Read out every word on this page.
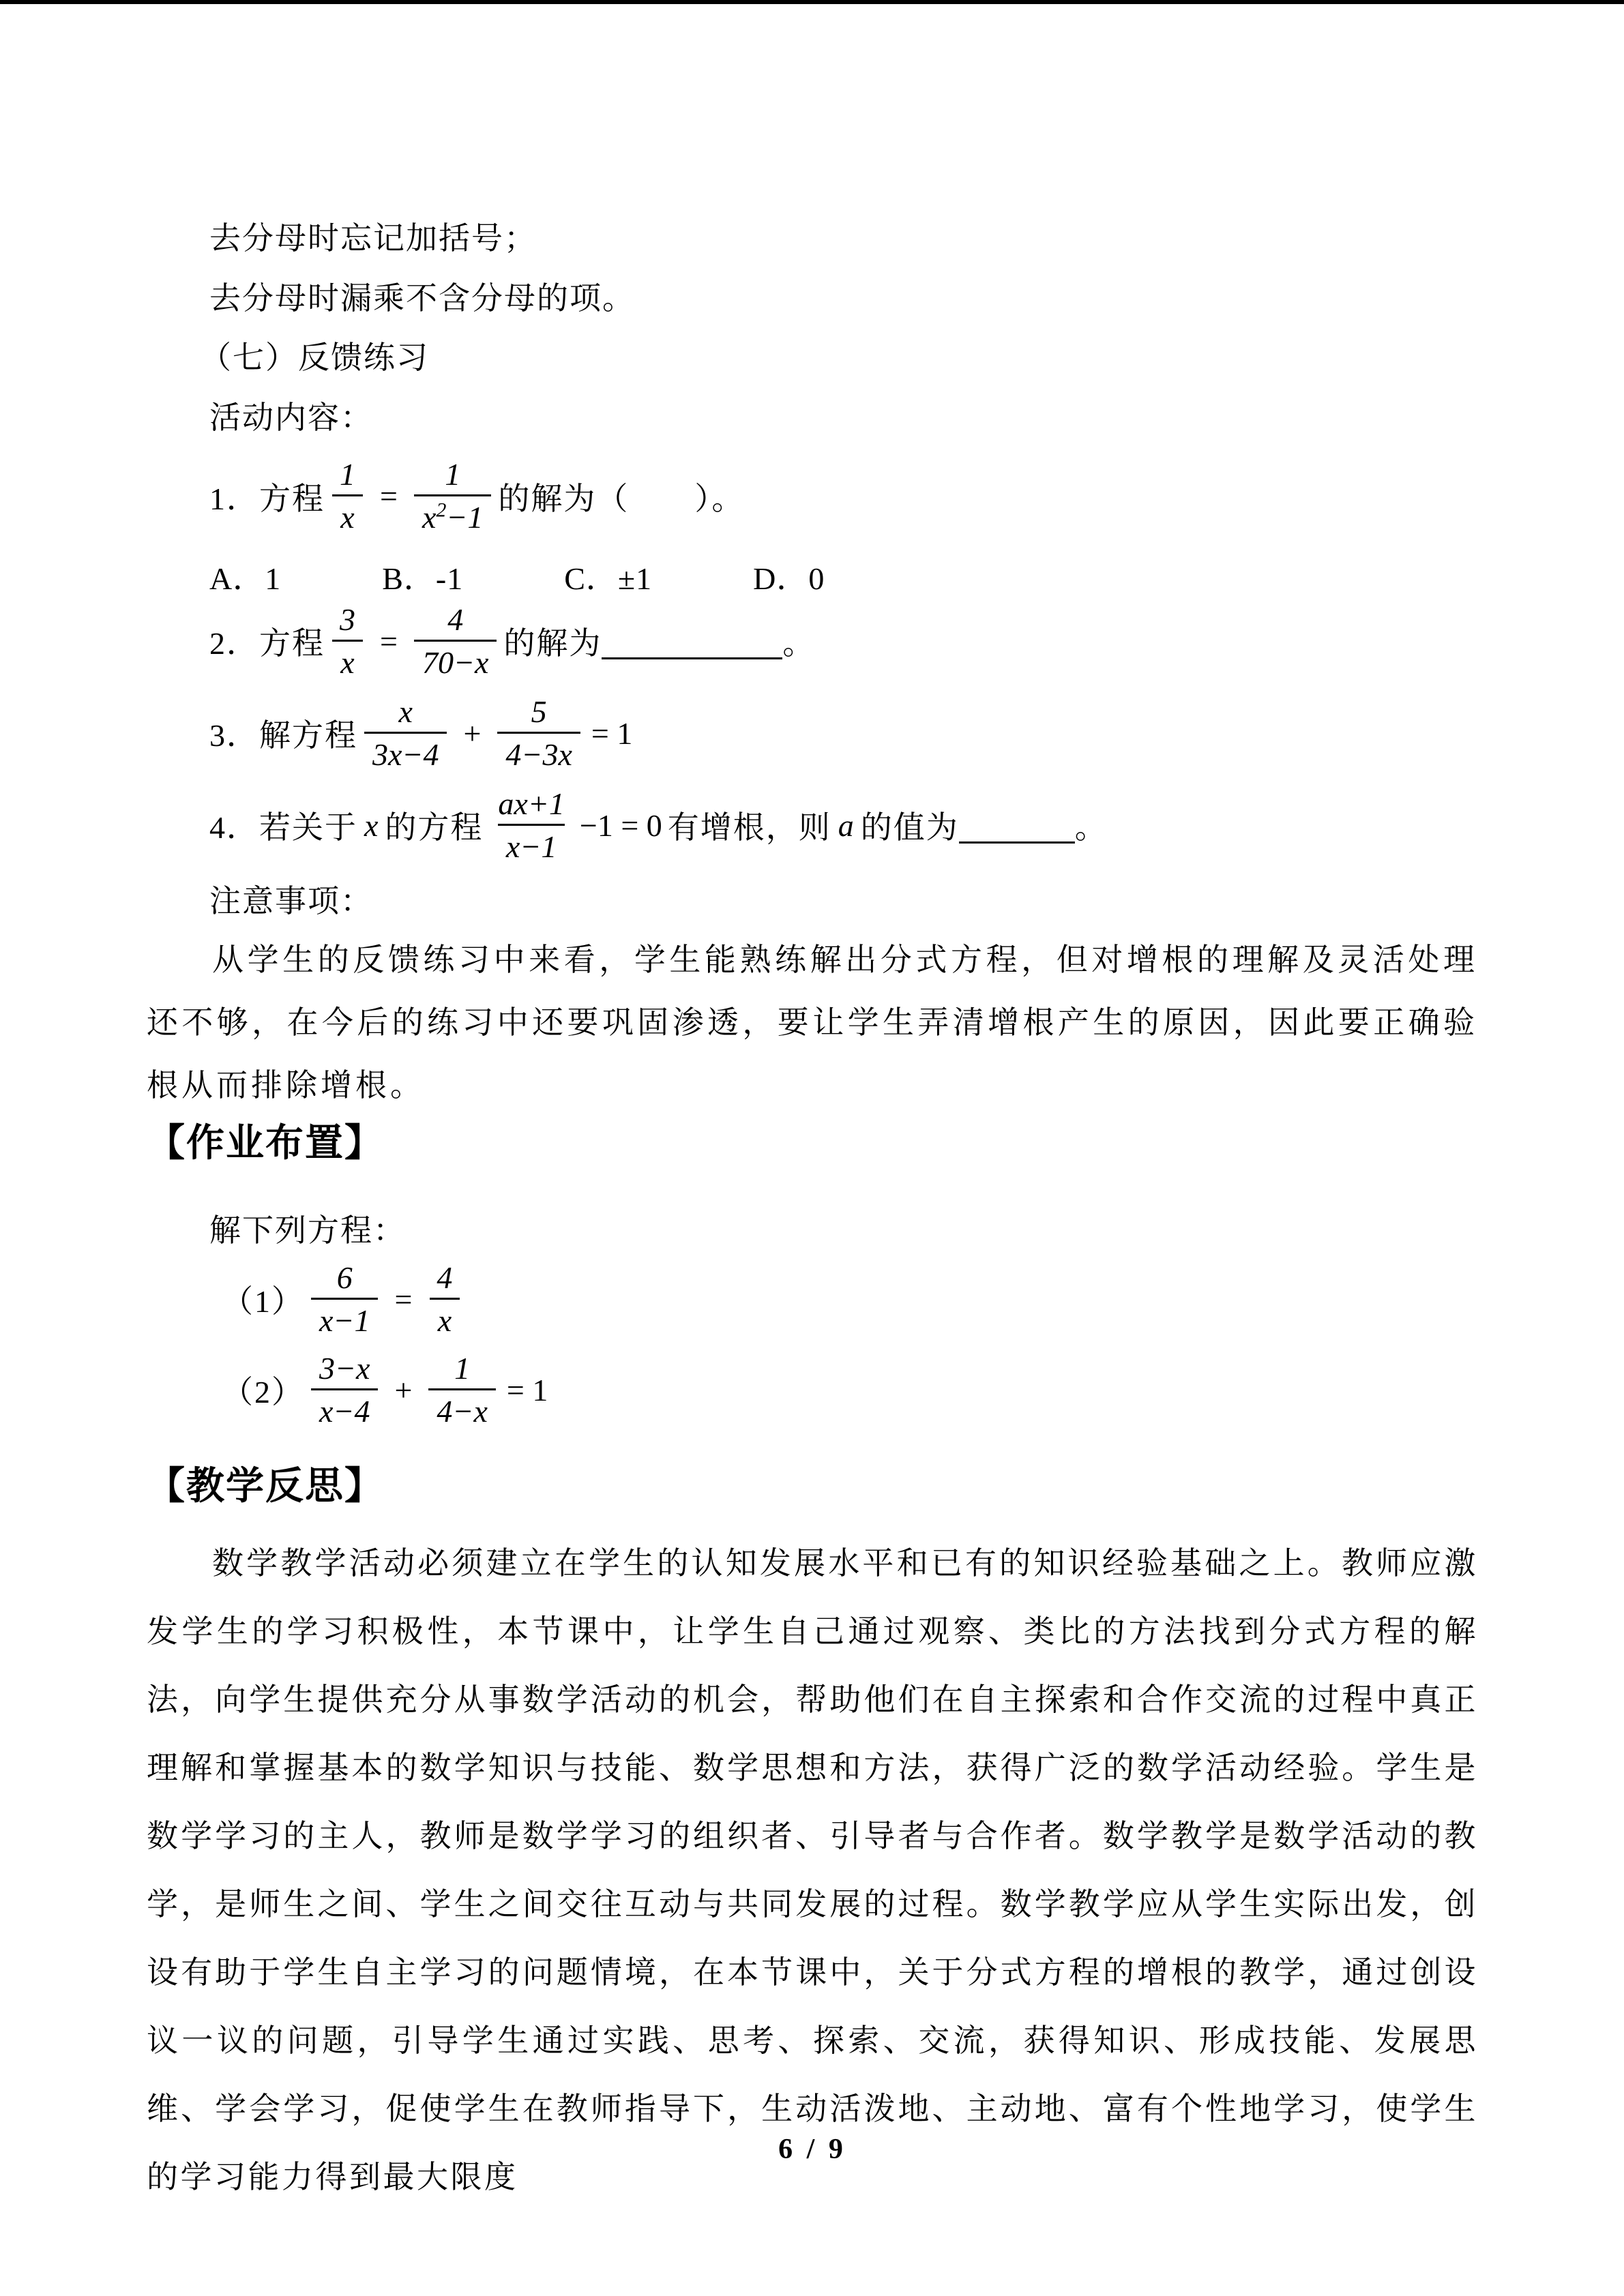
去分母时忘记加括号；
去分母时漏乘不含分母的项。
（七）反馈练习
活动内容：
1． 方程 $\frac{1}{x} = \frac{1}{x^2-1}$ 的解为（　　）。
A．1	B．-1	C．±1	D．0
2． 方程 $\frac{3}{x} = \frac{4}{70-x}$ 的解为	。
3． 解方程 $\frac{x}{3x-4} + \frac{5}{4-3x} = 1$
4． 若关于 x 的方程 $\frac{ax+1}{x-1} -1 = 0$ 有增根，则 a 的值为	。
注意事项：
从学生的反馈练习中来看，学生能熟练解出分式方程，但对增根的理解及灵活处理还不够，在今后的练习中还要巩固渗透，要让学生弄清增根产生的原因，因此要正确验根从而排除增根。
【作业布置】
解下列方程：
$(1) \frac{6}{x-1} = \frac{4}{x}$
$(2) \frac{3-x}{x-4} + \frac{1}{4-x} = 1$
【教学反思】
数学教学活动必须建立在学生的认知发展水平和已有的知识经验基础之上。教师应激发学生的学习积极性，本节课中，让学生自己通过观察、类比的方法找到分式方程的解法，向学生提供充分从事数学活动的机会，帮助他们在自主探索和合作交流的过程中真正理解和掌握基本的数学知识与技能、数学思想和方法，获得广泛的数学活动经验。学生是数学学习的主人，教师是数学学习的组织者、引导者与合作者。数学教学是数学活动的教学，是师生之间、学生之间交往互动与共同发展的过程。数学教学应从学生实际出发，创设有助于学生自主学习的问题情境，在本节课中，关于分式方程的增根的教学，通过创设议一议的问题，引导学生通过实践、思考、探索、交流，获得知识、形成技能、发展思维、学会学习，促使学生在教师指导下，生动活泼地、主动地、富有个性地学习，使学生的学习能力得到最大限度
6 / 9
